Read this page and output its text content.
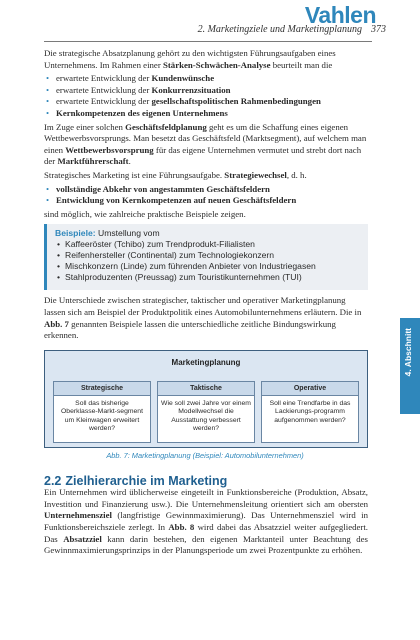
2. Marketingziele und Marketingplanung 373
Vahlen

Die strategische Absatzplanung gehört zu den wichtigsten Führungsaufgaben eines Unternehmens. Im Rahmen einer Stärken-Schwächen-Analyse beurteilt man die

• erwartete Entwicklung der Kundenwünsche
• erwartete Entwicklung der Konkurrenzsituation
• erwartete Entwicklung der gesellschaftspolitischen Rahmenbedingungen
• Kernkompetenzen des eigenen Unternehmens

Im Zuge einer solchen Geschäftsfeldplanung geht es um die Schaffung eines eigenen Wettbewerbsvorsprungs. Man besetzt das Geschäftsfeld (Marktsegment), auf welchem man einen Wettbewerbsvorsprung für das eigene Unternehmen vermutet und strebt dort nach der Marktführerschaft.

Strategisches Marketing ist eine Führungsaufgabe. Strategiewechsel, d. h.

• vollständige Abkehr von angestammten Geschäftsfeldern
• Entwicklung von Kernkompetenzen auf neuen Geschäftsfeldern

sind möglich, wie zahlreiche praktische Beispiele zeigen.

Beispiele: Umstellung vom
• Kaffeeröster (Tchibo) zum Trendprodukt-Filialisten
• Reifenhersteller (Continental) zum Technologiekonzern
• Mischkonzern (Linde) zum führenden Anbieter von Industriegasen
• Stahlproduzenten (Preussag) zum Touristikunternehmen (TUI)

Die Unterschiede zwischen strategischer, taktischer und operativer Marketingplanung lassen sich am Beispiel der Produktpolitik eines Automobilunternehmens erläutern. Die in Abb. 7 genannten Beispiele lassen die unterschiedliche zeitliche Bindungswirkung erkennen.

Marketingplanung
Strategische
Soll das bisherige Oberklasse-Markt-segment um Kleinwagen erweitert werden?
Taktische
Wie soll zwei Jahre vor einem Modellwechsel die Ausstattung verbessert werden?
Operative
Soll eine Trendfarbe in das Lackierungs-programm aufgenommen werden?
Abb. 7: Marketingplanung (Beispiel: Automobilunternehmen)
2.2 Zielhierarchie im Marketing

Ein Unternehmen wird üblicherweise eingeteilt in Funktionsbereiche (Produktion, Absatz, Investition und Finanzierung usw.). Die Unternehmensleitung orientiert sich am obersten Unternehmensziel (langfristige Gewinnmaximierung). Das Unternehmensziel wird in Funktionsbereichsziele zerlegt. In Abb. 8 wird dabei das Absatzziel weiter aufgegliedert. Das Absatzziel kann darin bestehen, den eigenen Marktanteil unter Beachtung des Gewinnmaximierungsprinzips in der Planungsperiode um zwei Prozentpunkte zu erhöhen.

4. Abschnitt
